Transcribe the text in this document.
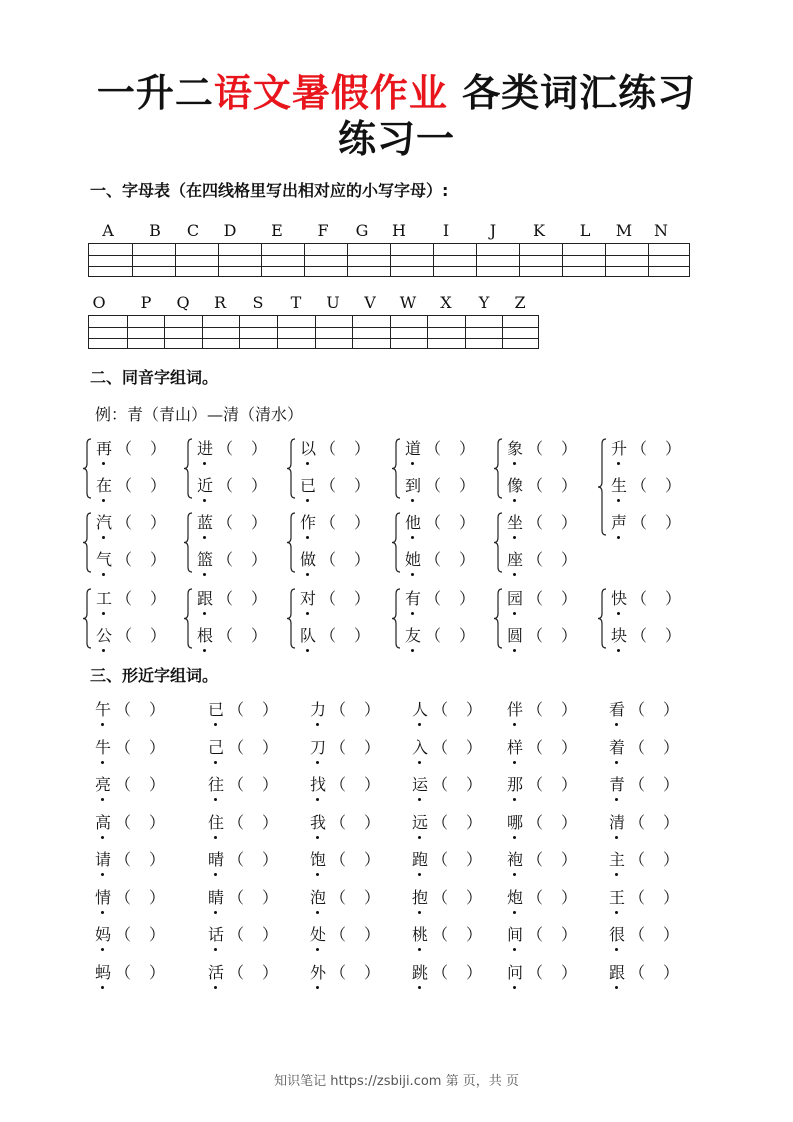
一升二语文暑假作业 各类词汇练习
练习一
一、字母表（在四线格里写出相对应的小写字母）:
A B C D E F G H	I	J	K L M N
O P Q R S T U V W X Y Z
二、同音字组词。
例：青（青山）—清（清水）
再 （ ）
在 （ ）
进 （ ）
近 （ ）
以 （ ）
已 （ ）
道 （ ）
到 （ ）
象 （ ）
像 （ ）
升 （ ）
生 （ ）
声 （ ）
汽 （ ）
气 （ ）
蓝 （ ）
篮 （ ）
作 （ ）
做 （ ）
他 （ ）
她 （ ）
坐 （ ）
座 （ ）
工 （ ）
公 （ ）
跟 （ ）
根 （ ）
对 （ ）
队 （ ）
有 （ ）
友 （ ）
园 （ ）
圆 （ ）
快 （ ）
块 （ ）
三、形近字组词。
午 （ ）	已 （ ） 力 （ ） 人 （ ） 伴 （ ） 看 （ ）
牛 （ ）	己 （ ） 刀 （ ） 入 （ ） 样 （ ） 着 （ ）
亮 （ ）	往 （ ） 找 （ ） 运 （ ） 那 （ ） 青 （ ）
高 （ ）	住 （ ） 我 （ ） 远 （ ） 哪 （ ） 清 （ ）
请 （ ）	晴 （ ） 饱 （ ） 跑 （ ） 袍 （ ） 主 （ ）
情 （ ）	睛 （ ） 泡 （ ） 抱 （ ） 炮 （ ） 王 （ ）
妈 （ ）	话 （ ） 处 （ ） 桃 （ ） 间 （ ） 很 （ ）
蚂 （ ）	活 （ ） 外 （ ） 跳 （ ） 问 （ ） 跟 （ ）
知识笔记 https://zsbiji.com 第 页，共 页
